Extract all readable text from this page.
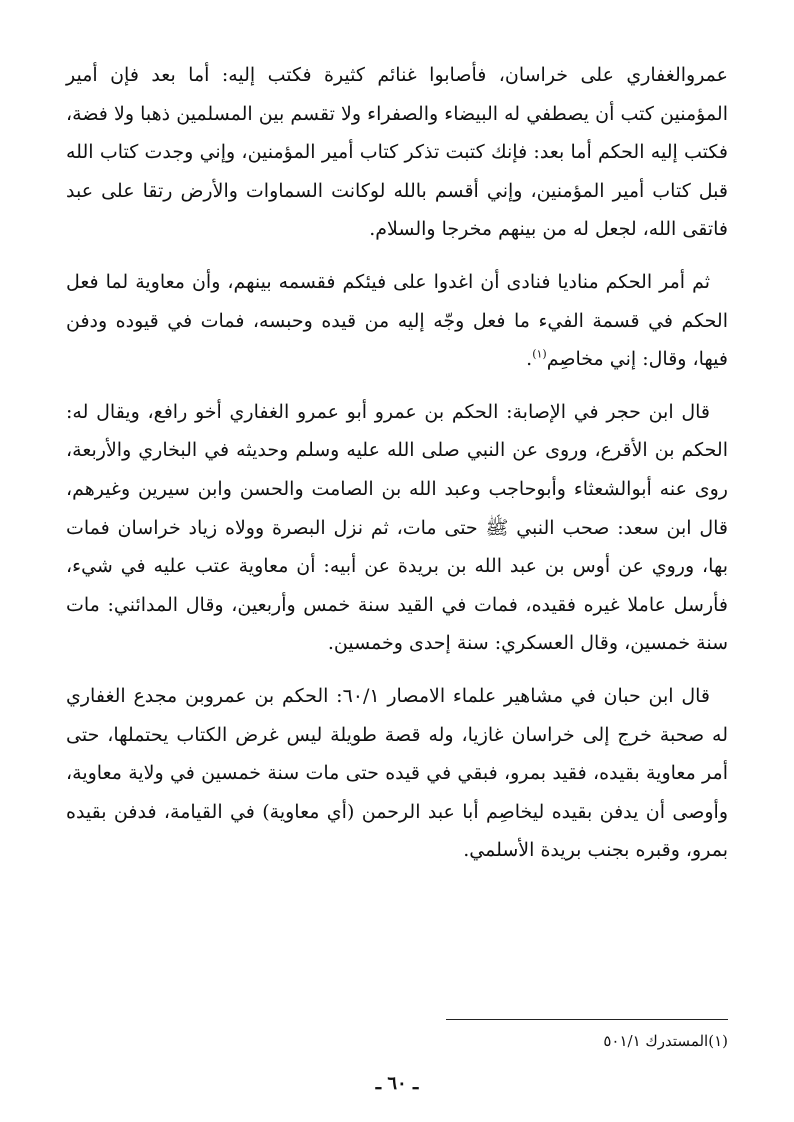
عمروالغفاري على خراسان، فأصابوا غنائم كثيرة فكتب إليه: أما بعد فإن أمير المؤمنين كتب أن يصطفي له البيضاء والصفراء ولا تقسم بين المسلمين ذهبا ولا فضة، فكتب إليه الحكم أما بعد: فإنك كتبت تذكر كتاب أمير المؤمنين، وإني وجدت كتاب الله قبل كتاب أمير المؤمنين، وإني أقسم بالله لوكانت السماوات والأرض رتقا على عبد فاتقى الله، لجعل له من بينهم مخرجا والسلام.

ثم أمر الحكم مناديا فنادى أن اغدوا على فيئكم فقسمه بينهم، وأن معاوية لما فعل الحكم في قسمة الفيء ما فعل وجّه إليه من قيده وحبسه، فمات في قيوده ودفن فيها، وقال: إني مخاصِم$^{(١)}$.

قال ابن حجر في الإصابة: الحكم بن عمرو أبو عمرو الغفاري أخو رافع، ويقال له: الحكم بن الأقرع، وروى عن النبي صلى الله عليه وسلم وحديثه في البخاري والأربعة، روى عنه أبوالشعثاء وأبوحاجب وعبد الله بن الصامت والحسن وابن سيرين وغيرهم، قال ابن سعد: صحب النبي ﷺ حتى مات، ثم نزل البصرة وولاه زياد خراسان فمات بها، وروي عن أوس بن عبد الله بن بريدة عن أبيه: أن معاوية عتب عليه في شيء، فأرسل عاملا غيره فقيده، فمات في القيد سنة خمس وأربعين، وقال المدائني: مات سنة خمسين، وقال العسكري: سنة إحدى وخمسين.

قال ابن حبان في مشاهير علماء الامصار ٦٠/١: الحكم بن عمروبن مجدع الغفاري له صحبة خرج إلى خراسان غازيا، وله قصة طويلة ليس غرض الكتاب يحتملها، حتى أمر معاوية بقيده، فقيد بمرو، فبقي في قيده حتى مات سنة خمسين في ولاية معاوية، وأوصى أن يدفن بقيده ليخاصِم أبا عبد الرحمن (أي معاوية) في القيامة، فدفن بقيده بمرو، وقبره بجنب بريدة الأسلمي.

(١)المستدرك ٥٠١/١
ـ ٦٠ ـ
